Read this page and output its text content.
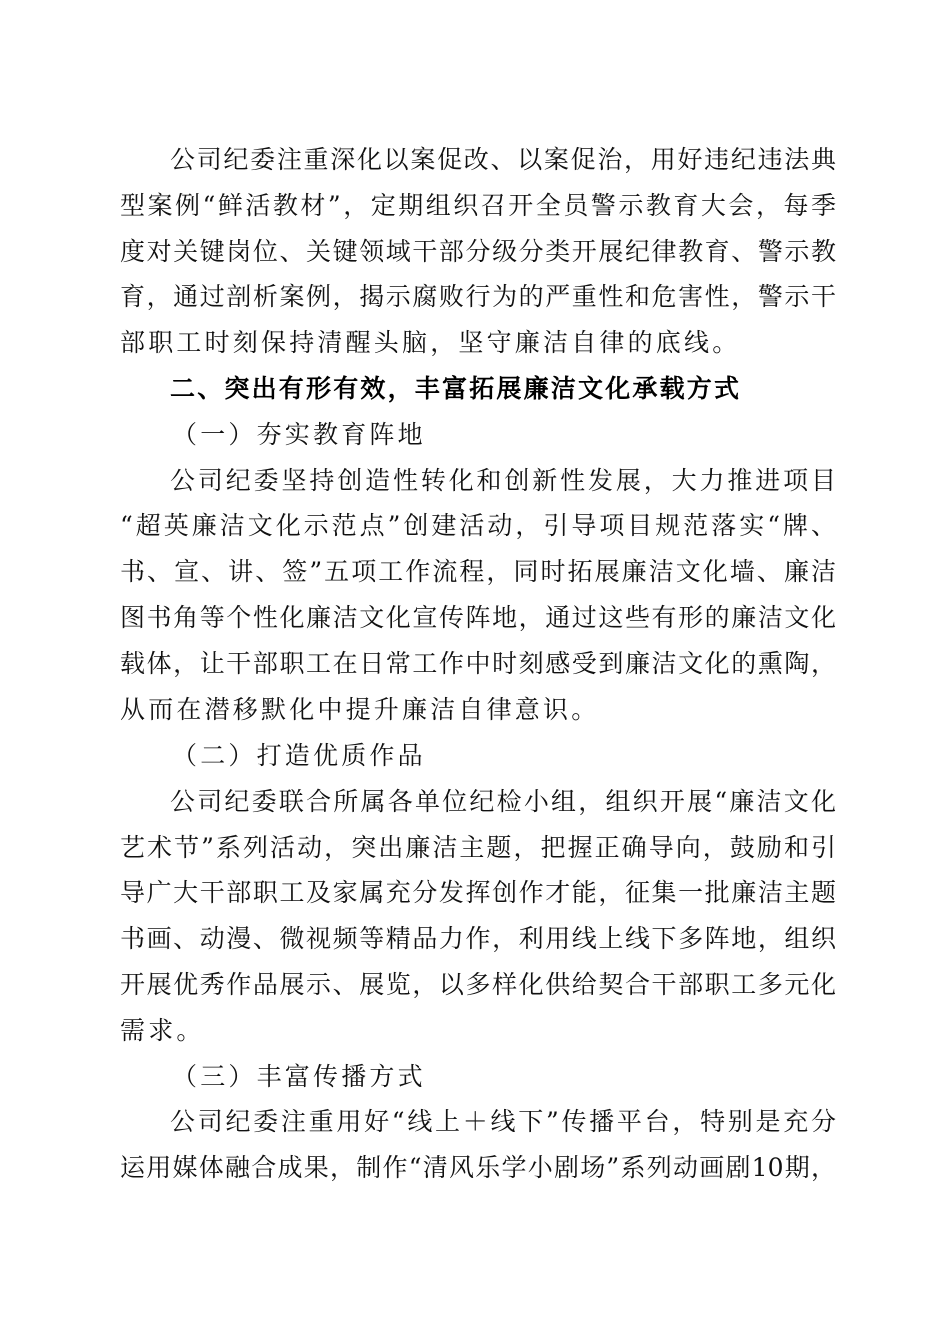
公司纪委注重深化以案促改、以案促治，用好违纪违法典
型案例“鲜活教材”，定期组织召开全员警示教育大会，每季
度对关键岗位、关键领域干部分级分类开展纪律教育、警示教
育，通过剖析案例，揭示腐败行为的严重性和危害性，警示干
部职工时刻保持清醒头脑，坚守廉洁自律的底线。
二、突出有形有效，丰富拓展廉洁文化承载方式
（一）夯实教育阵地
公司纪委坚持创造性转化和创新性发展，大力推进项目
“超英廉洁文化示范点”创建活动，引导项目规范落实“牌、
书、宣、讲、签”五项工作流程，同时拓展廉洁文化墙、廉洁
图书角等个性化廉洁文化宣传阵地，通过这些有形的廉洁文化
载体，让干部职工在日常工作中时刻感受到廉洁文化的熏陶，
从而在潜移默化中提升廉洁自律意识。
（二）打造优质作品
公司纪委联合所属各单位纪检小组，组织开展“廉洁文化
艺术节”系列活动，突出廉洁主题，把握正确导向，鼓励和引
导广大干部职工及家属充分发挥创作才能，征集一批廉洁主题
书画、动漫、微视频等精品力作，利用线上线下多阵地，组织
开展优秀作品展示、展览，以多样化供给契合干部职工多元化
需求。
（三）丰富传播方式
公司纪委注重用好“线上＋线下”传播平台，特别是充分
运用媒体融合成果，制作“清风乐学小剧场”系列动画剧10期，
